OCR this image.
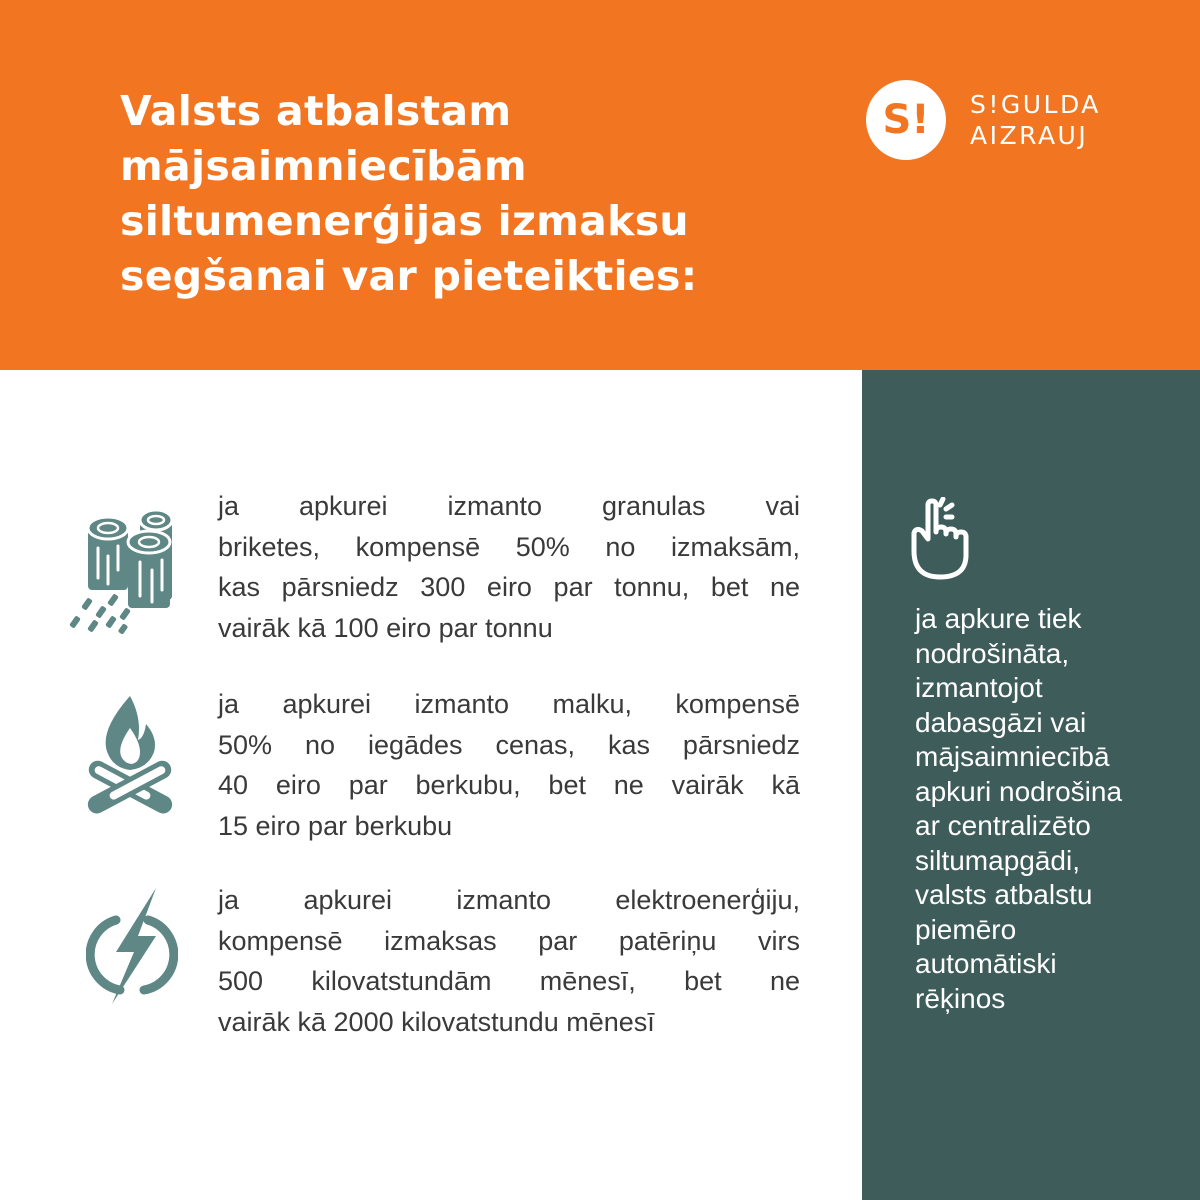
Valsts atbalstam
mājsaimniecībām
siltumenerģijas izmaksu
segšanai var pieteikties:
S!	S!GULDA
AIZRAUJ

ja apkure tiek
nodrošināta,
izmantojot
dabasgāzi vai
mājsaimniecībā
apkuri nodrošina
ar centralizēto
siltumapgādi,
valsts atbalstu
piemēro
automātiski
rēķinos

ja apkurei izmanto granulas vai
briketes, kompensē 50% no izmaksām,
kas pārsniedz 300 eiro par tonnu, bet ne
vairāk kā 100 eiro par tonnu

ja apkurei izmanto malku, kompensē
50% no iegādes cenas, kas pārsniedz
40 eiro par berkubu, bet ne vairāk kā
15 eiro par berkubu

ja apkurei izmanto elektroenerģiju,
kompensē izmaksas par patēriņu virs
500 kilovatstundām mēnesī, bet ne
vairāk kā 2000 kilovatstundu mēnesī
